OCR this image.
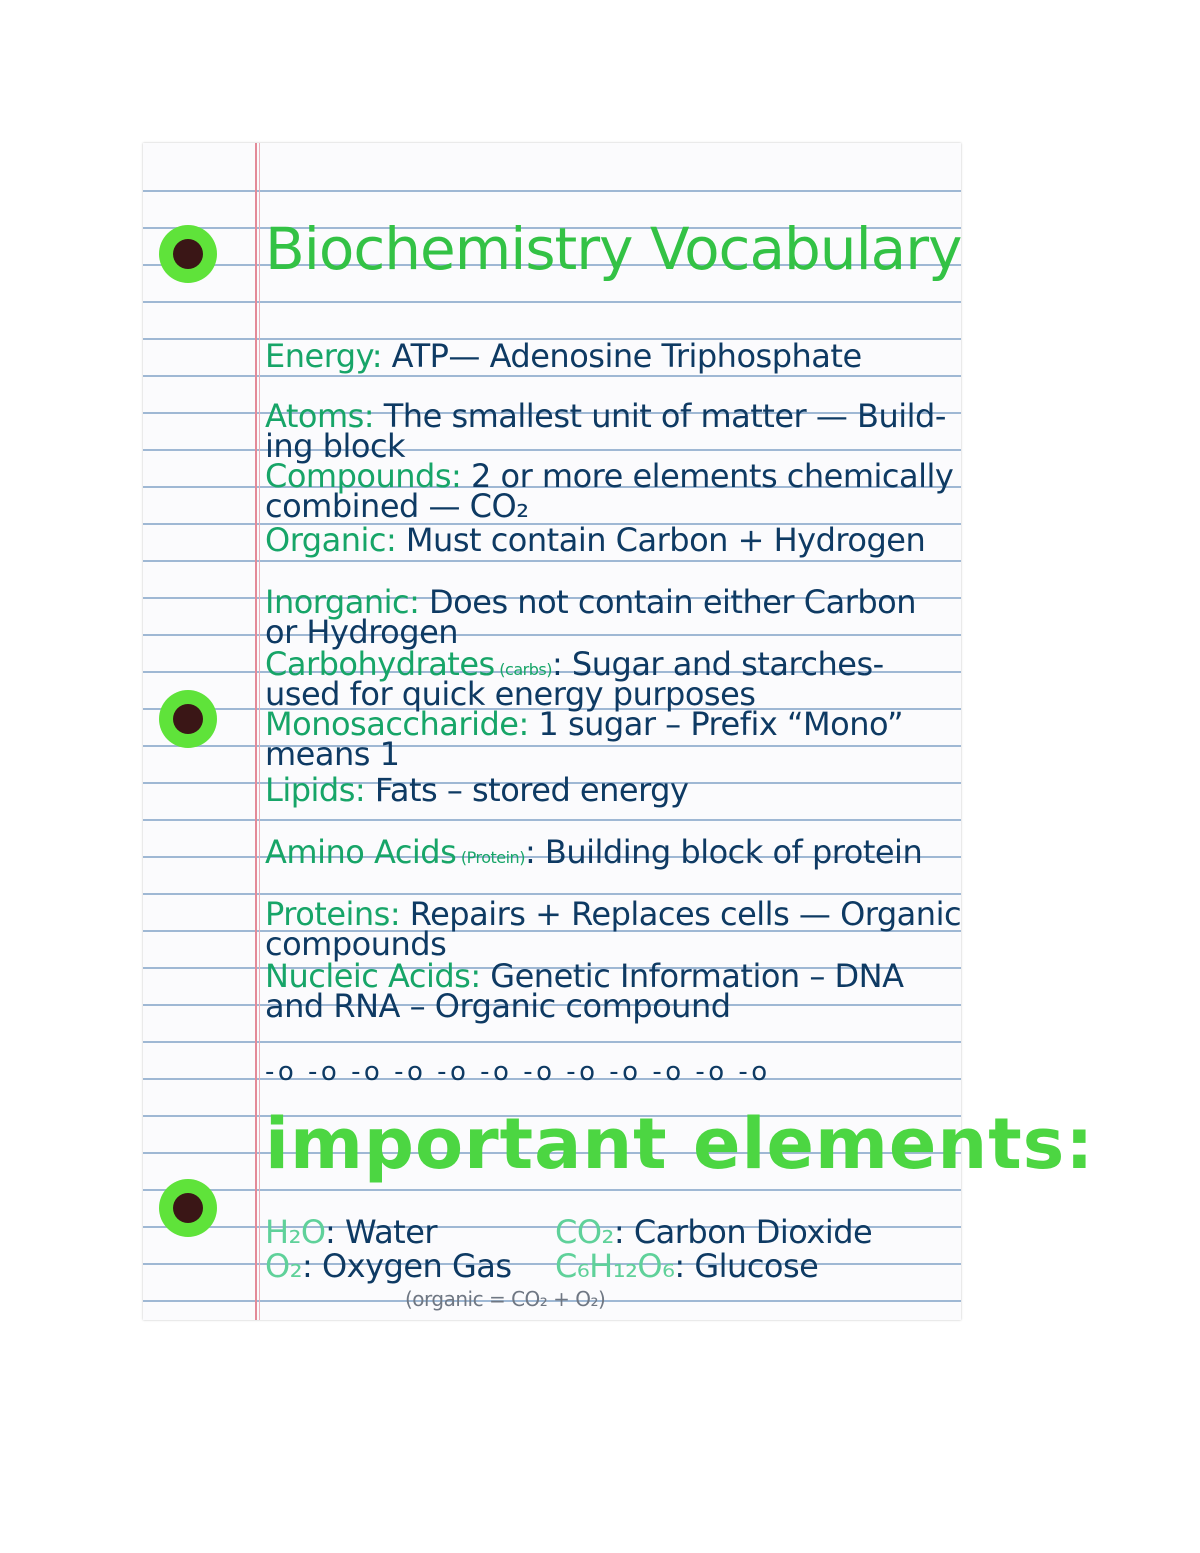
Biochemistry Vocabulary
Energy: ATP— Adenosine Triphosphate
Atoms: The smallest unit of matter — Build-
ing block
Compounds: 2 or more elements chemically
combined — CO₂
Organic: Must contain Carbon + Hydrogen
Inorganic: Does not contain either Carbon
or Hydrogen
Carbohydrates (carbs): Sugar and starches-
used for quick energy purposes
Monosaccharide: 1 sugar – Prefix “Mono”
means 1
Lipids: Fats – stored energy
Amino Acids (Protein): Building block of protein
Proteins: Repairs + Replaces cells — Organic
compounds
Nucleic Acids: Genetic Information – DNA
and RNA – Organic compound
-o -o -o -o -o -o -o -o -o -o -o -o
important elements:
H₂O: Water	CO₂: Carbon Dioxide
O₂: Oxygen Gas	C₆H₁₂O₆: Glucose
(organic = CO₂ + O₂)
